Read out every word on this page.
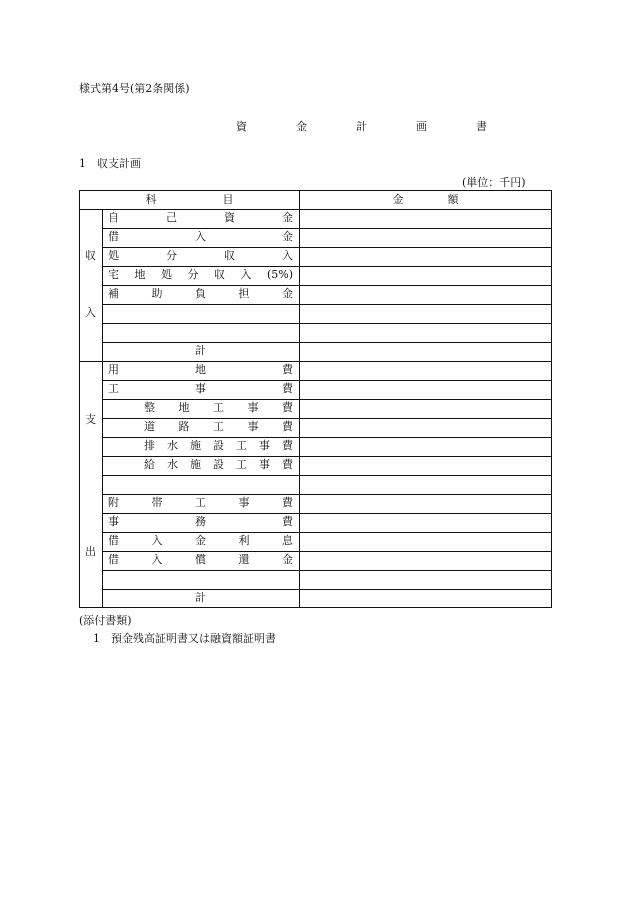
様式第4号(第2条関係)
資　金　計　画　書
1　収支計画
(単位：千円)
科　　　　　　目	金　　　　額
収
入
支
出
自己資金
借入金
処分収入
宅地処分収入(5%)
補助負担金
計
用地費
工事費
整地工事費
道路工事費
排水施設工事費
給水施設工事費
附帯工事費
事務費
借入金利息
借入償還金
計
(添付書類)
1　預金残高証明書又は融資額証明書
